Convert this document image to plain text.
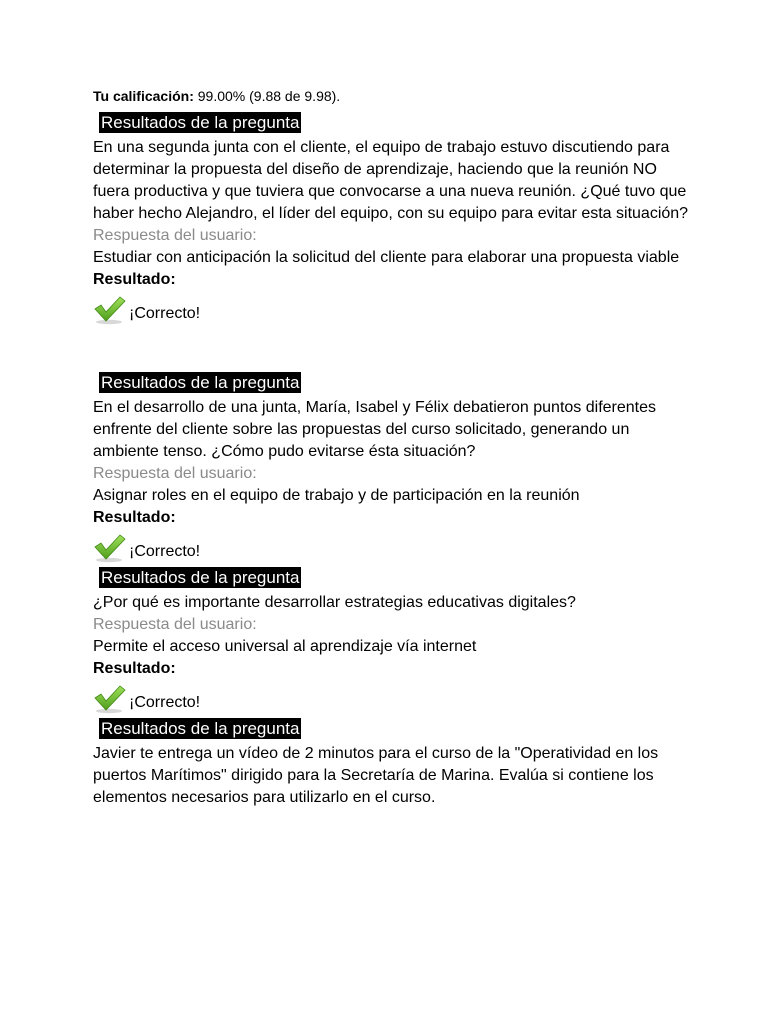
Tu calificación: 99.00% (9.88 de 9.98).

Resultados de la pregunta

En una segunda junta con el cliente, el equipo de trabajo estuvo discutiendo para determinar la propuesta del diseño de aprendizaje, haciendo que la reunión NO fuera productiva y que tuviera que convocarse a una nueva reunión. ¿Qué tuvo que haber hecho Alejandro, el líder del equipo, con su equipo para evitar esta situación?

Respuesta del usuario:

Estudiar con anticipación la solicitud del cliente para elaborar una propuesta viable

Resultado:

¡Correcto!
Resultados de la pregunta

En el desarrollo de una junta, María, Isabel y Félix debatieron puntos diferentes enfrente del cliente sobre las propuestas del curso solicitado, generando un ambiente tenso. ¿Cómo pudo evitarse ésta situación?

Respuesta del usuario:

Asignar roles en el equipo de trabajo y de participación en la reunión

Resultado:

¡Correcto!
Resultados de la pregunta

¿Por qué es importante desarrollar estrategias educativas digitales?

Respuesta del usuario:

Permite el acceso universal al aprendizaje vía internet

Resultado:

¡Correcto!
Resultados de la pregunta

Javier te entrega un vídeo de 2 minutos para el curso de la "Operatividad en los puertos Marítimos" dirigido para la Secretaría de Marina. Evalúa si contiene los elementos necesarios para utilizarlo en el curso.
